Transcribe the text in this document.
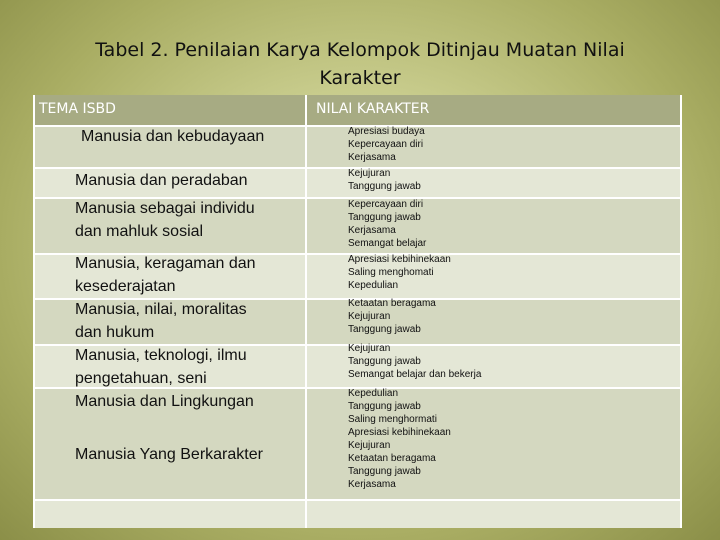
Tabel 2. Penilaian Karya Kelompok Ditinjau Muatan Nilai
Karakter
TEMA ISBD	NILAI KARAKTER
Manusia dan kebudayaan
Manusia dan peradaban
Manusia sebagai individu
dan mahluk sosial
Manusia, keragaman dan
kesederajatan
Manusia, nilai, moralitas
dan hukum
Manusia, teknologi, ilmu
pengetahuan, seni
Manusia dan Lingkungan
Manusia Yang Berkarakter
Apresiasi budaya
Kepercayaan diri
Kerjasama
Kejujuran
Tanggung jawab
Kepercayaan diri
Tanggung jawab
Kerjasama
Semangat belajar
Apresiasi kebihinekaan
Saling menghomati
Kepedulian
Ketaatan beragama
Kejujuran
Tanggung jawab
Kejujuran
Tanggung jawab
Semangat belajar dan bekerja
Kepedulian
Tanggung jawab
Saling menghormati
Apresiasi kebihinekaan
Kejujuran
Ketaatan beragama
Tanggung jawab
Kerjasama
